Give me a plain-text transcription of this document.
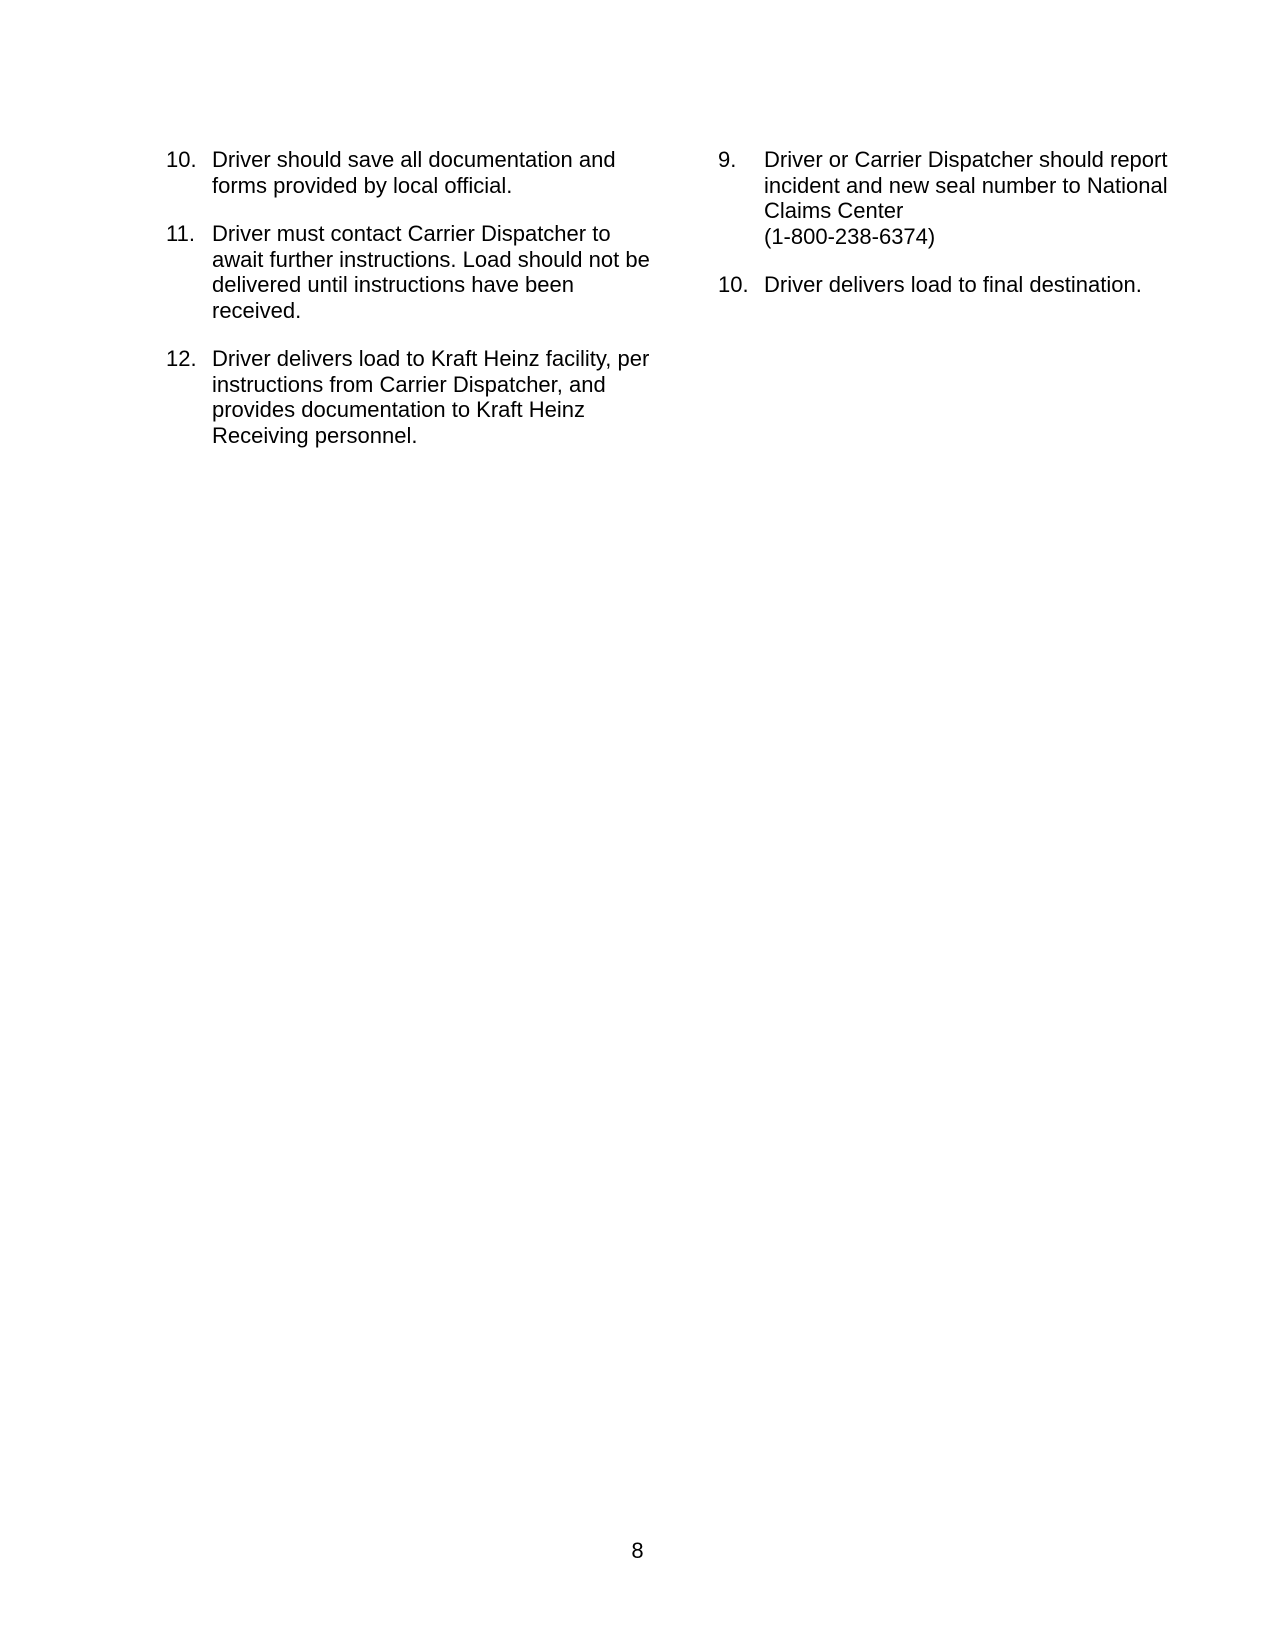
10. Driver should save all documentation and
forms provided by local official.
11. Driver must contact Carrier Dispatcher to
await further instructions. Load should not be
delivered until instructions have been
received.
12. Driver delivers load to Kraft Heinz facility, per
instructions from Carrier Dispatcher, and
provides documentation to Kraft Heinz
Receiving personnel.
9.	Driver or Carrier Dispatcher should report
incident and new seal number to National
Claims Center
(1-800-238-6374)
10. Driver delivers load to final destination.
8
